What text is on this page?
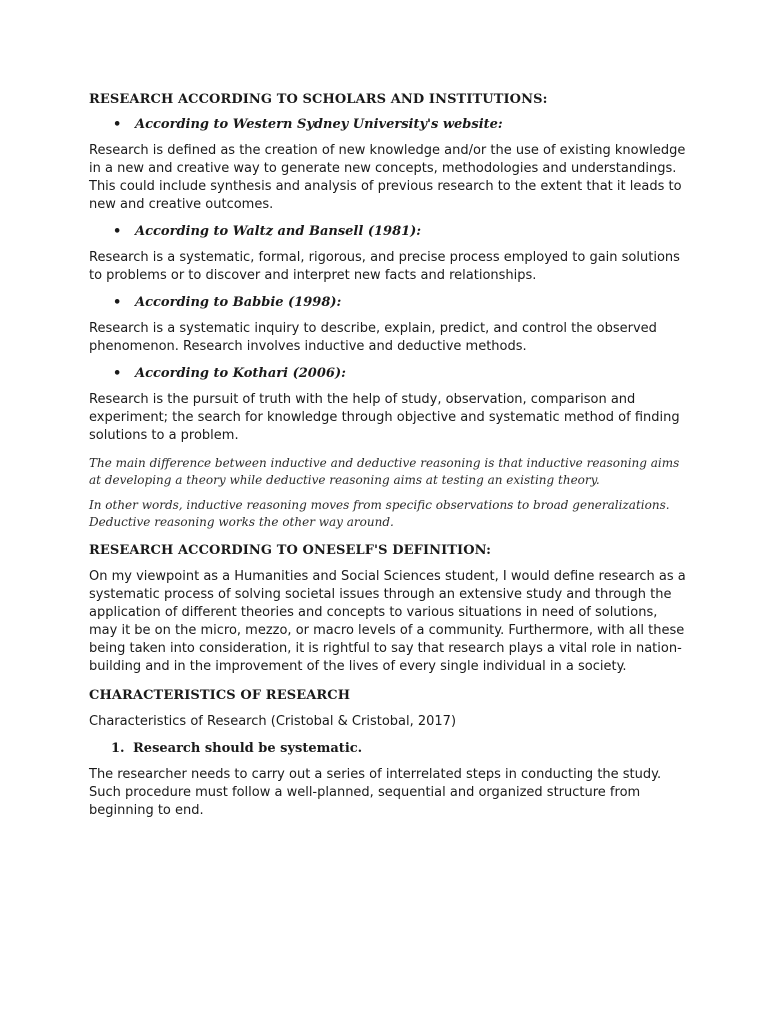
RESEARCH ACCORDING TO SCHOLARS AND INSTITUTIONS:
•	According to Western Sydney University's website:

Research is defined as the creation of new knowledge and/or the use of existing knowledge in a new and creative way to generate new concepts, methodologies and understandings. This could include synthesis and analysis of previous research to the extent that it leads to new and creative outcomes.

•	According to Waltz and Bansell (1981):

Research is a systematic, formal, rigorous, and precise process employed to gain solutions to problems or to discover and interpret new facts and relationships.

•	According to Babbie (1998):

Research is a systematic inquiry to describe, explain, predict, and control the observed phenomenon. Research involves inductive and deductive methods.

•	According to Kothari (2006):

Research is the pursuit of truth with the help of study, observation, comparison and experiment; the search for knowledge through objective and systematic method of finding solutions to a problem.

The main difference between inductive and deductive reasoning is that inductive reasoning aims at developing a theory while deductive reasoning aims at testing an existing theory.

In other words, inductive reasoning moves from specific observations to broad generalizations. Deductive reasoning works the other way around.

RESEARCH ACCORDING TO ONESELF'S DEFINITION:

On my viewpoint as a Humanities and Social Sciences student, I would define research as a systematic process of solving societal issues through an extensive study and through the application of different theories and concepts to various situations in need of solutions, may it be on the micro, mezzo, or macro levels of a community. Furthermore, with all these being taken into consideration, it is rightful to say that research plays a vital role in nation-building and in the improvement of the lives of every single individual in a society.

CHARACTERISTICS OF RESEARCH

Characteristics of Research (Cristobal & Cristobal, 2017)

1. Research should be systematic.

The researcher needs to carry out a series of interrelated steps in conducting the study. Such procedure must follow a well-planned, sequential and organized structure from beginning to end.
